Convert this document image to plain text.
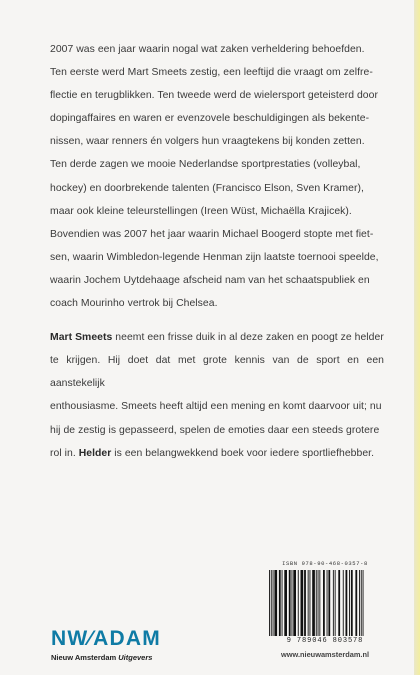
2007 was een jaar waarin nogal wat zaken verheldering behoefden.
Ten eerste werd Mart Smeets zestig, een leeftijd die vraagt om zelfre-
flectie en terugblikken. Ten tweede werd de wielersport geteisterd door
dopingaffaires en waren er evenzovele beschuldigingen als bekente-
nissen, waar renners én volgers hun vraagtekens bij konden zetten.
Ten derde zagen we mooie Nederlandse sportprestaties (volleybal,
hockey) en doorbrekende talenten (Francisco Elson, Sven Kramer),
maar ook kleine teleurstellingen (Ireen Wüst, Michaëlla Krajicek).
Bovendien was 2007 het jaar waarin Michael Boogerd stopte met fiet-
sen, waarin Wimbledon-legende Henman zijn laatste toernooi speelde,
waarin Jochem Uytdehaage afscheid nam van het schaatspubliek en
coach Mourinho vertrok bij Chelsea.

Mart Smeets neemt een frisse duik in al deze zaken en poogt ze helder
te krijgen. Hij doet dat met grote kennis van de sport en een aanstekelijk
enthousiasme. Smeets heeft altijd een mening en komt daarvoor uit; nu
hij de zestig is gepasseerd, spelen de emoties daar een steeds grotere
rol in. Helder is een belangwekkend boek voor iedere sportliefhebber.

ISBN 978-90-468-0357-8
9 789046 803578
www.nieuwamsterdam.nl
NW⁄ADAM
Nieuw Amsterdam Uitgevers
